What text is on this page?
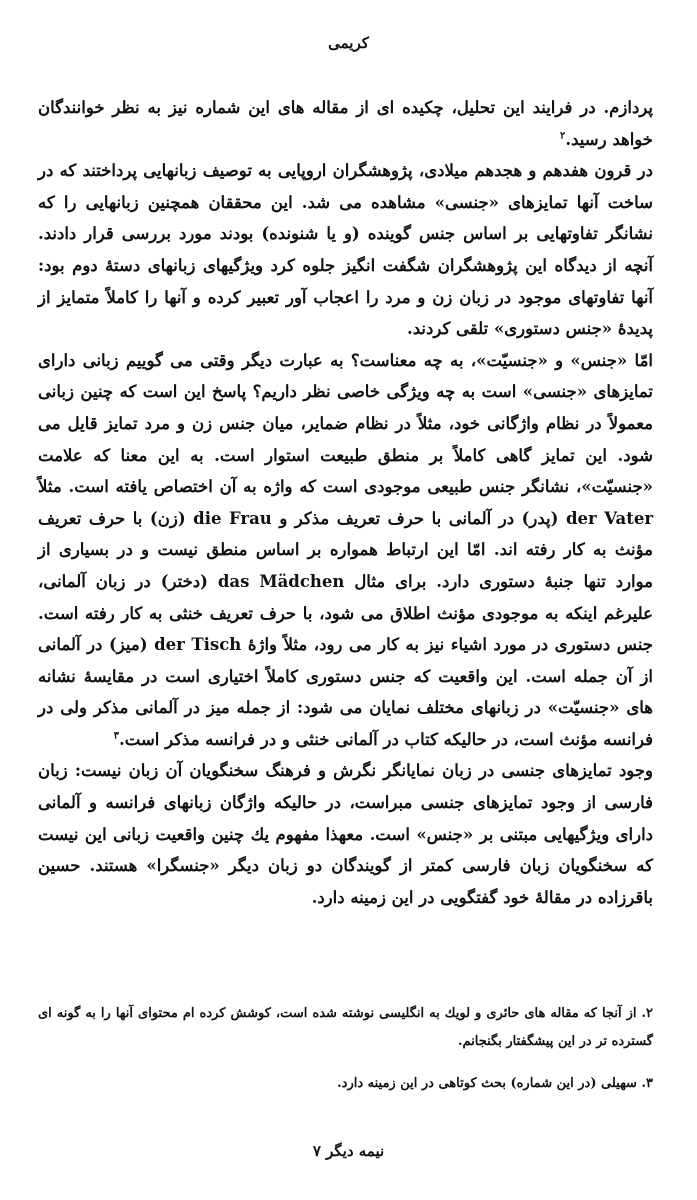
کریمی

پردازم. در فرایند این تحلیل، چکیده ای از مقاله های این شماره نیز به نظر خوانندگان خواهد رسید.$^۲$

در قرون هفدهم و هجدهم میلادی، پژوهشگران اروپایی به توصیف زبانهایی پرداختند که در ساخت آنها تمایزهای «جنسی» مشاهده می شد. این محققان همچنین زبانهایی را که نشانگر تفاوتهایی بر اساس جنس گوینده (و یا شنونده) بودند مورد بررسی قرار دادند. آنچه از دیدگاه این پژوهشگران شگفت انگیز جلوه کرد ویژگیهای زبانهای دستهٔ دوم بود: آنها تفاوتهای موجود در زبان زن و مرد را اعجاب آور تعبیر کرده و آنها را کاملاً متمایز از پدیدهٔ «جنس دستوری» تلقی کردند.

امّا «جنس» و «جنسیّت»، به چه معناست؟ به عبارت دیگر وقتی می گوییم زبانی دارای تمایزهای «جنسی» است به چه ویژگی خاصی نظر داریم؟ پاسخ این است که چنین زبانی معمولاً در نظام واژگانی خود، مثلاً در نظام ضمایر، میان جنس زن و مرد تمایز قایل می شود. این تمایز گاهی کاملاً بر منطق طبیعت استوار است. به این معنا که علامت «جنسیّت»، نشانگر جنس طبیعی موجودی است که واژه به آن اختصاص یافته است. مثلاً der Vater (پدر) در آلمانی با حرف تعریف مذکر و die Frau (زن) با حرف تعریف مؤنث به کار رفته اند. امّا این ارتباط همواره بر اساس منطق نیست و در بسیاری از موارد تنها جنبهٔ دستوری دارد. برای مثال das Mädchen (دختر) در زبان آلمانی، علیرغم اینکه به موجودی مؤنث اطلاق می شود، با حرف تعریف خنثی به کار رفته است. جنس دستوری در مورد اشیاء نیز به کار می رود، مثلاً واژهٔ der Tisch (میز) در آلمانی از آن جمله است. این واقعیت که جنس دستوری کاملاً اختیاری است در مقایسهٔ نشانه های «جنسیّت» در زبانهای مختلف نمایان می شود: از جمله میز در آلمانی مذکر ولی در فرانسه مؤنث است، در حالیکه کتاب در آلمانی خنثی و در فرانسه مذکر است.$^۳$

وجود تمایزهای جنسی در زبان نمایانگر نگرش و فرهنگ سخنگویان آن زبان نیست: زبان فارسی از وجود تمایزهای جنسی مبراست، در حالیکه واژگان زبانهای فرانسه و آلمانی دارای ویژگیهایی مبتنی بر «جنس» است. معهذا مفهوم یك چنین واقعیت زبانی این نیست که سخنگویان زبان فارسی کمتر از گویندگان دو زبان دیگر «جنسگرا» هستند. حسین باقرزاده در مقالهٔ خود گفتگویی در این زمینه دارد.

۲. از آنجا که مقاله های حائری و لویك به انگلیسی نوشته شده است، کوشش کرده ام محتوای آنها را به گونه ای گسترده تر در این پیشگفتار بگنجانم.

۳. سهیلی (در این شماره) بحث کوتاهی در این زمینه دارد.

نیمه دیگر ۷
